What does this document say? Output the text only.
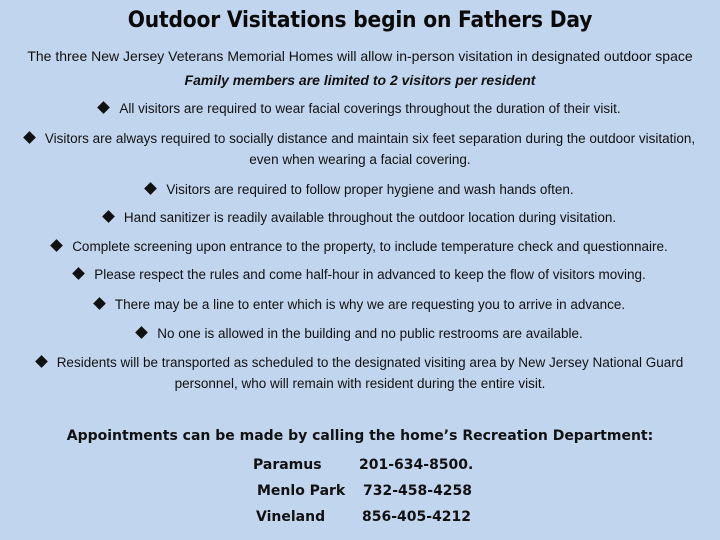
Outdoor Visitations begin on Fathers Day
The three New Jersey Veterans Memorial Homes will allow in-person visitation in designated outdoor space
Family members are limited to 2 visitors per resident
All visitors are required to wear facial coverings throughout the duration of their visit.
Visitors are always required to socially distance and maintain six feet separation during the outdoor visitation,
even when wearing a facial covering.
Visitors are required to follow proper hygiene and wash hands often.
Hand sanitizer is readily available throughout the outdoor location during visitation.
Complete screening upon entrance to the property, to include temperature check and questionnaire.
Please respect the rules and come half-hour in advanced to keep the flow of visitors moving.
There may be a line to enter which is why we are requesting you to arrive in advance.
No one is allowed in the building and no public restrooms are available.
Residents will be transported as scheduled to the designated visiting area by New Jersey National Guard
personnel, who will remain with resident during the entire visit.
Appointments can be made by calling the home’s Recreation Department:
Paramus	201-634-8500.
Menlo Park 732-458-4258
Vineland	856-405-4212
